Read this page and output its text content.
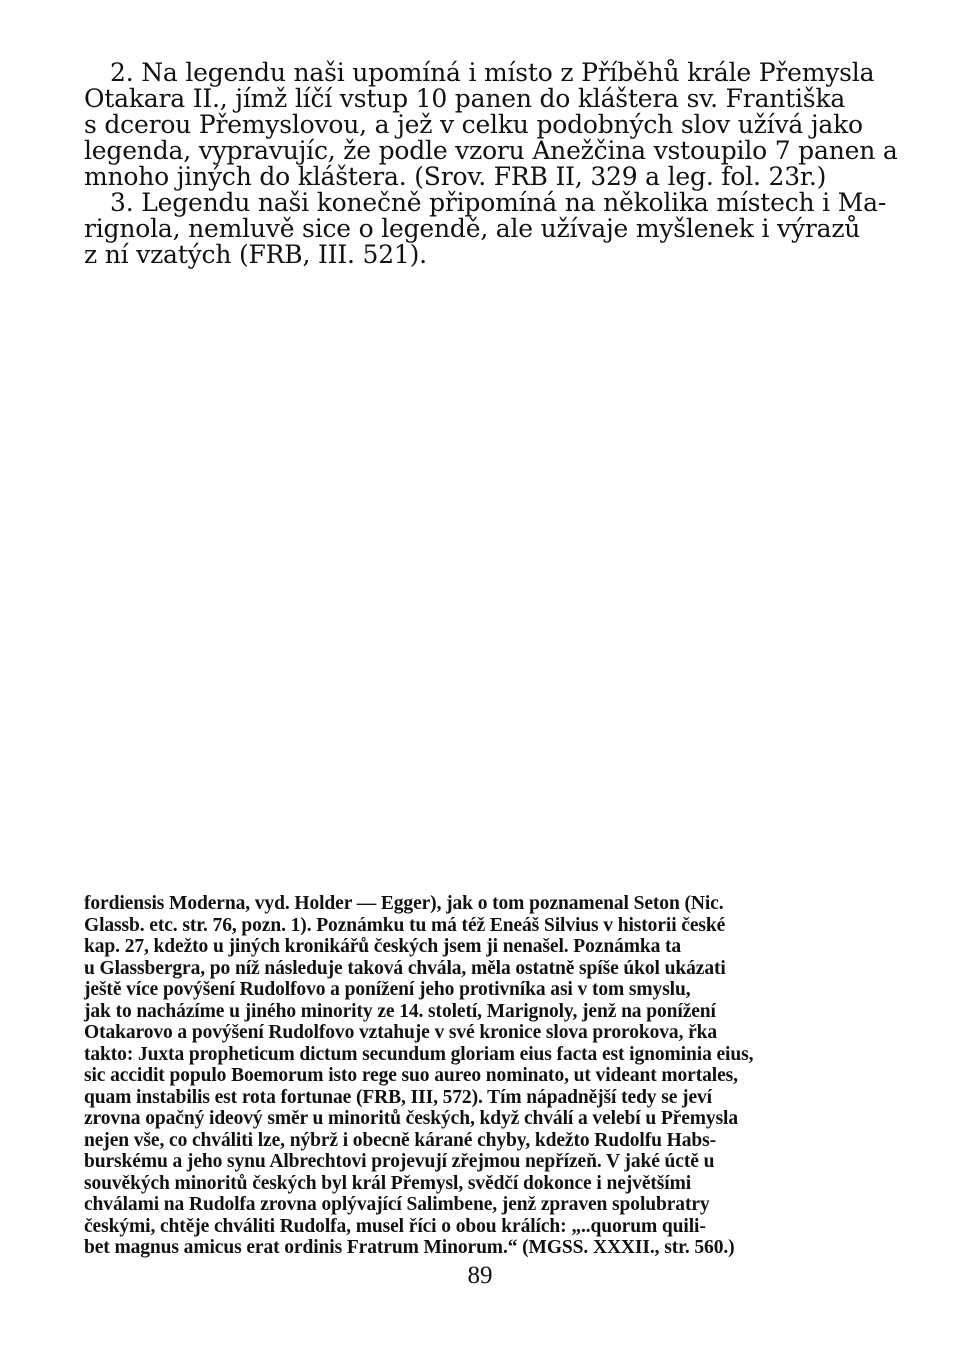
2. Na legendu naši upomíná i místo z Příběhů krále Přemysla
Otakara II., jímž líčí vstup 10 panen do kláštera sv. Františka
s dcerou Přemyslovou, a jež v celku podobných slov užívá jako
legenda, vypravujíc, že podle vzoru Anežčina vstoupilo 7 panen a
mnoho jiných do kláštera. (Srov. FRB II, 329 a leg. fol. 23r.)
3. Legendu naši konečně připomíná na několika místech i Ma-
rignola, nemluvě sice o legendě, ale užívaje myšlenek i výrazů
z ní vzatých (FRB, III. 521).
fordiensis Moderna, vyd. Holder — Egger), jak o tom poznamenal Seton (Nic.
Glassb. etc. str. 76, pozn. 1). Poznámku tu má též Eneáš Silvius v historii české
kap. 27, kdežto u jiných kronikářů českých jsem ji nenašel. Poznámka ta
u Glassbergra, po níž následuje taková chvála, měla ostatně spíše úkol ukázati
ještě více povýšení Rudolfovo a ponížení jeho protivníka asi v tom smyslu,
jak to nacházíme u jiného minority ze 14. století, Marignoly, jenž na ponížení
Otakarovo a povýšení Rudolfovo vztahuje v své kronice slova prorokova, řka
takto: Juxta propheticum dictum secundum gloriam eius facta est ignominia eius,
sic accidit populo Boemorum isto rege suo aureo nominato, ut videant mortales,
quam instabilis est rota fortunae (FRB, III, 572). Tím nápadnější tedy se jeví
zrovna opačný ideový směr u minoritů českých, když chválí a velebí u Přemysla
nejen vše, co chváliti lze, nýbrž i obecně kárané chyby, kdežto Rudolfu Habs-
burskému a jeho synu Albrechtovi projevují zřejmou nepřízeň. V jaké úctě u
souvěkých minoritů českých byl král Přemysl, svědčí dokonce i největšími
chválami na Rudolfa zrovna oplývající Salimbene, jenž zpraven spolubratry
českými, chtěje chváliti Rudolfa, musel říci o obou králích: „..quorum quili-
bet magnus amicus erat ordinis Fratrum Minorum.“ (MGSS. XXXII., str. 560.)
89
